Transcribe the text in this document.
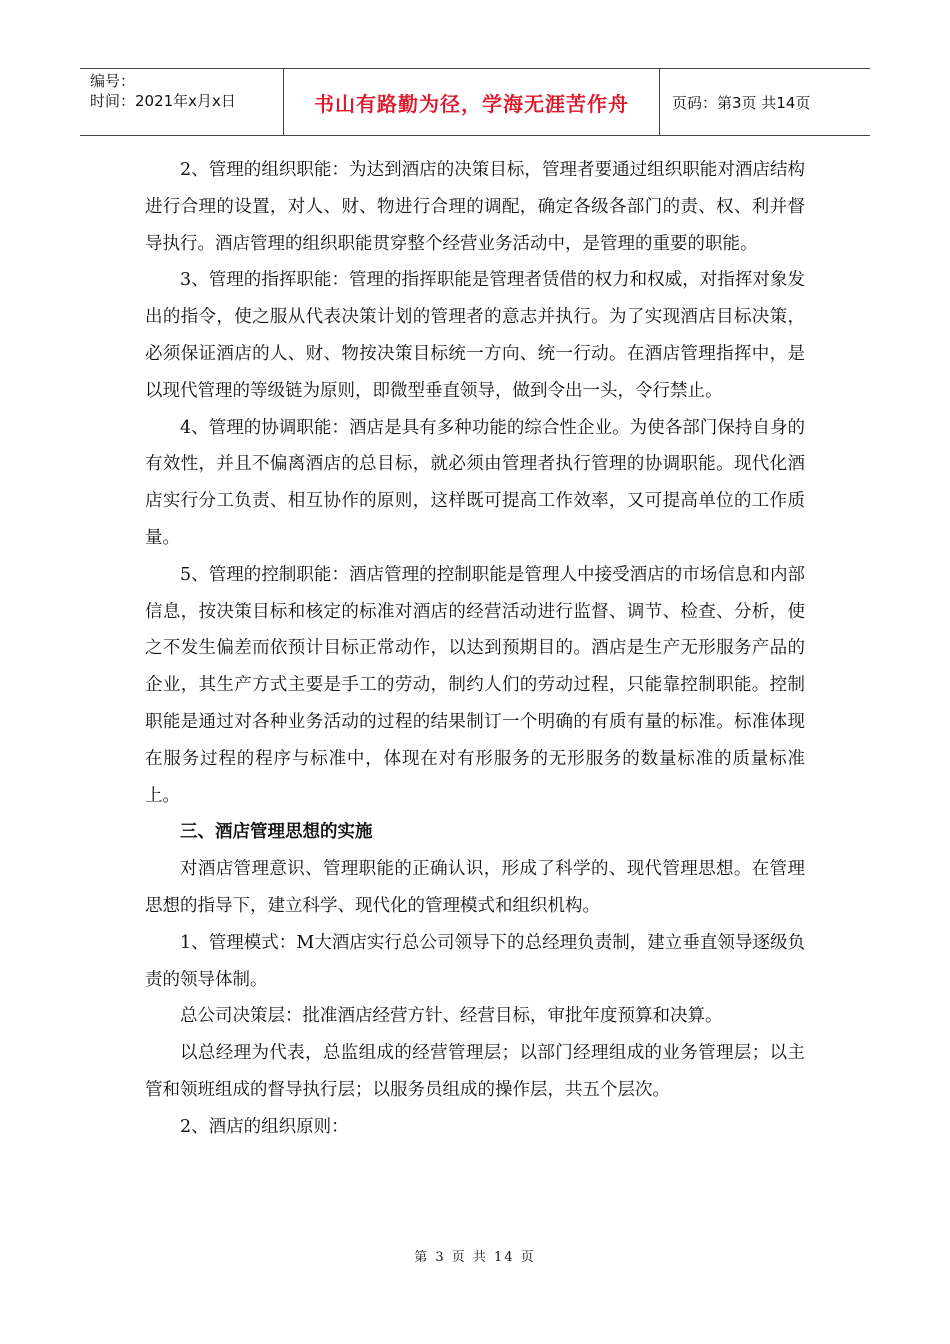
编号：
时间：2021年x月x日	书山有路勤为径，学海无涯苦作舟	页码：第3页 共14页

2、管理的组织职能：为达到酒店的决策目标，管理者要通过组织职能对酒店结构进行合理的设置，对人、财、物进行合理的调配，确定各级各部门的责、权、利并督导执行。酒店管理的组织职能贯穿整个经营业务活动中，是管理的重要的职能。

3、管理的指挥职能：管理的指挥职能是管理者赁借的权力和权威，对指挥对象发出的指令，使之服从代表决策计划的管理者的意志并执行。为了实现酒店目标决策，必须保证酒店的人、财、物按决策目标统一方向、统一行动。在酒店管理指挥中，是以现代管理的等级链为原则，即微型垂直领导，做到令出一头，令行禁止。

4、管理的协调职能：酒店是具有多种功能的综合性企业。为使各部门保持自身的有效性，并且不偏离酒店的总目标，就必须由管理者执行管理的协调职能。现代化酒店实行分工负责、相互协作的原则，这样既可提高工作效率，又可提高单位的工作质量。

5、管理的控制职能：酒店管理的控制职能是管理人中接受酒店的市场信息和内部信息，按决策目标和核定的标准对酒店的经营活动进行监督、调节、检查、分析，使之不发生偏差而依预计目标正常动作，以达到预期目的。酒店是生产无形服务产品的企业，其生产方式主要是手工的劳动，制约人们的劳动过程，只能靠控制职能。控制职能是通过对各种业务活动的过程的结果制订一个明确的有质有量的标准。标准体现在服务过程的程序与标准中，体现在对有形服务的无形服务的数量标准的质量标准上。

三、酒店管理思想的实施

对酒店管理意识、管理职能的正确认识，形成了科学的、现代管理思想。在管理思想的指导下，建立科学、现代化的管理模式和组织机构。

1、管理模式：M大酒店实行总公司领导下的总经理负责制，建立垂直领导逐级负责的领导体制。

总公司决策层：批准酒店经营方针、经营目标，审批年度预算和决算。

以总经理为代表，总监组成的经营管理层；以部门经理组成的业务管理层；以主管和领班组成的督导执行层；以服务员组成的操作层，共五个层次。

2、酒店的组织原则：

第 3 页 共 14 页
